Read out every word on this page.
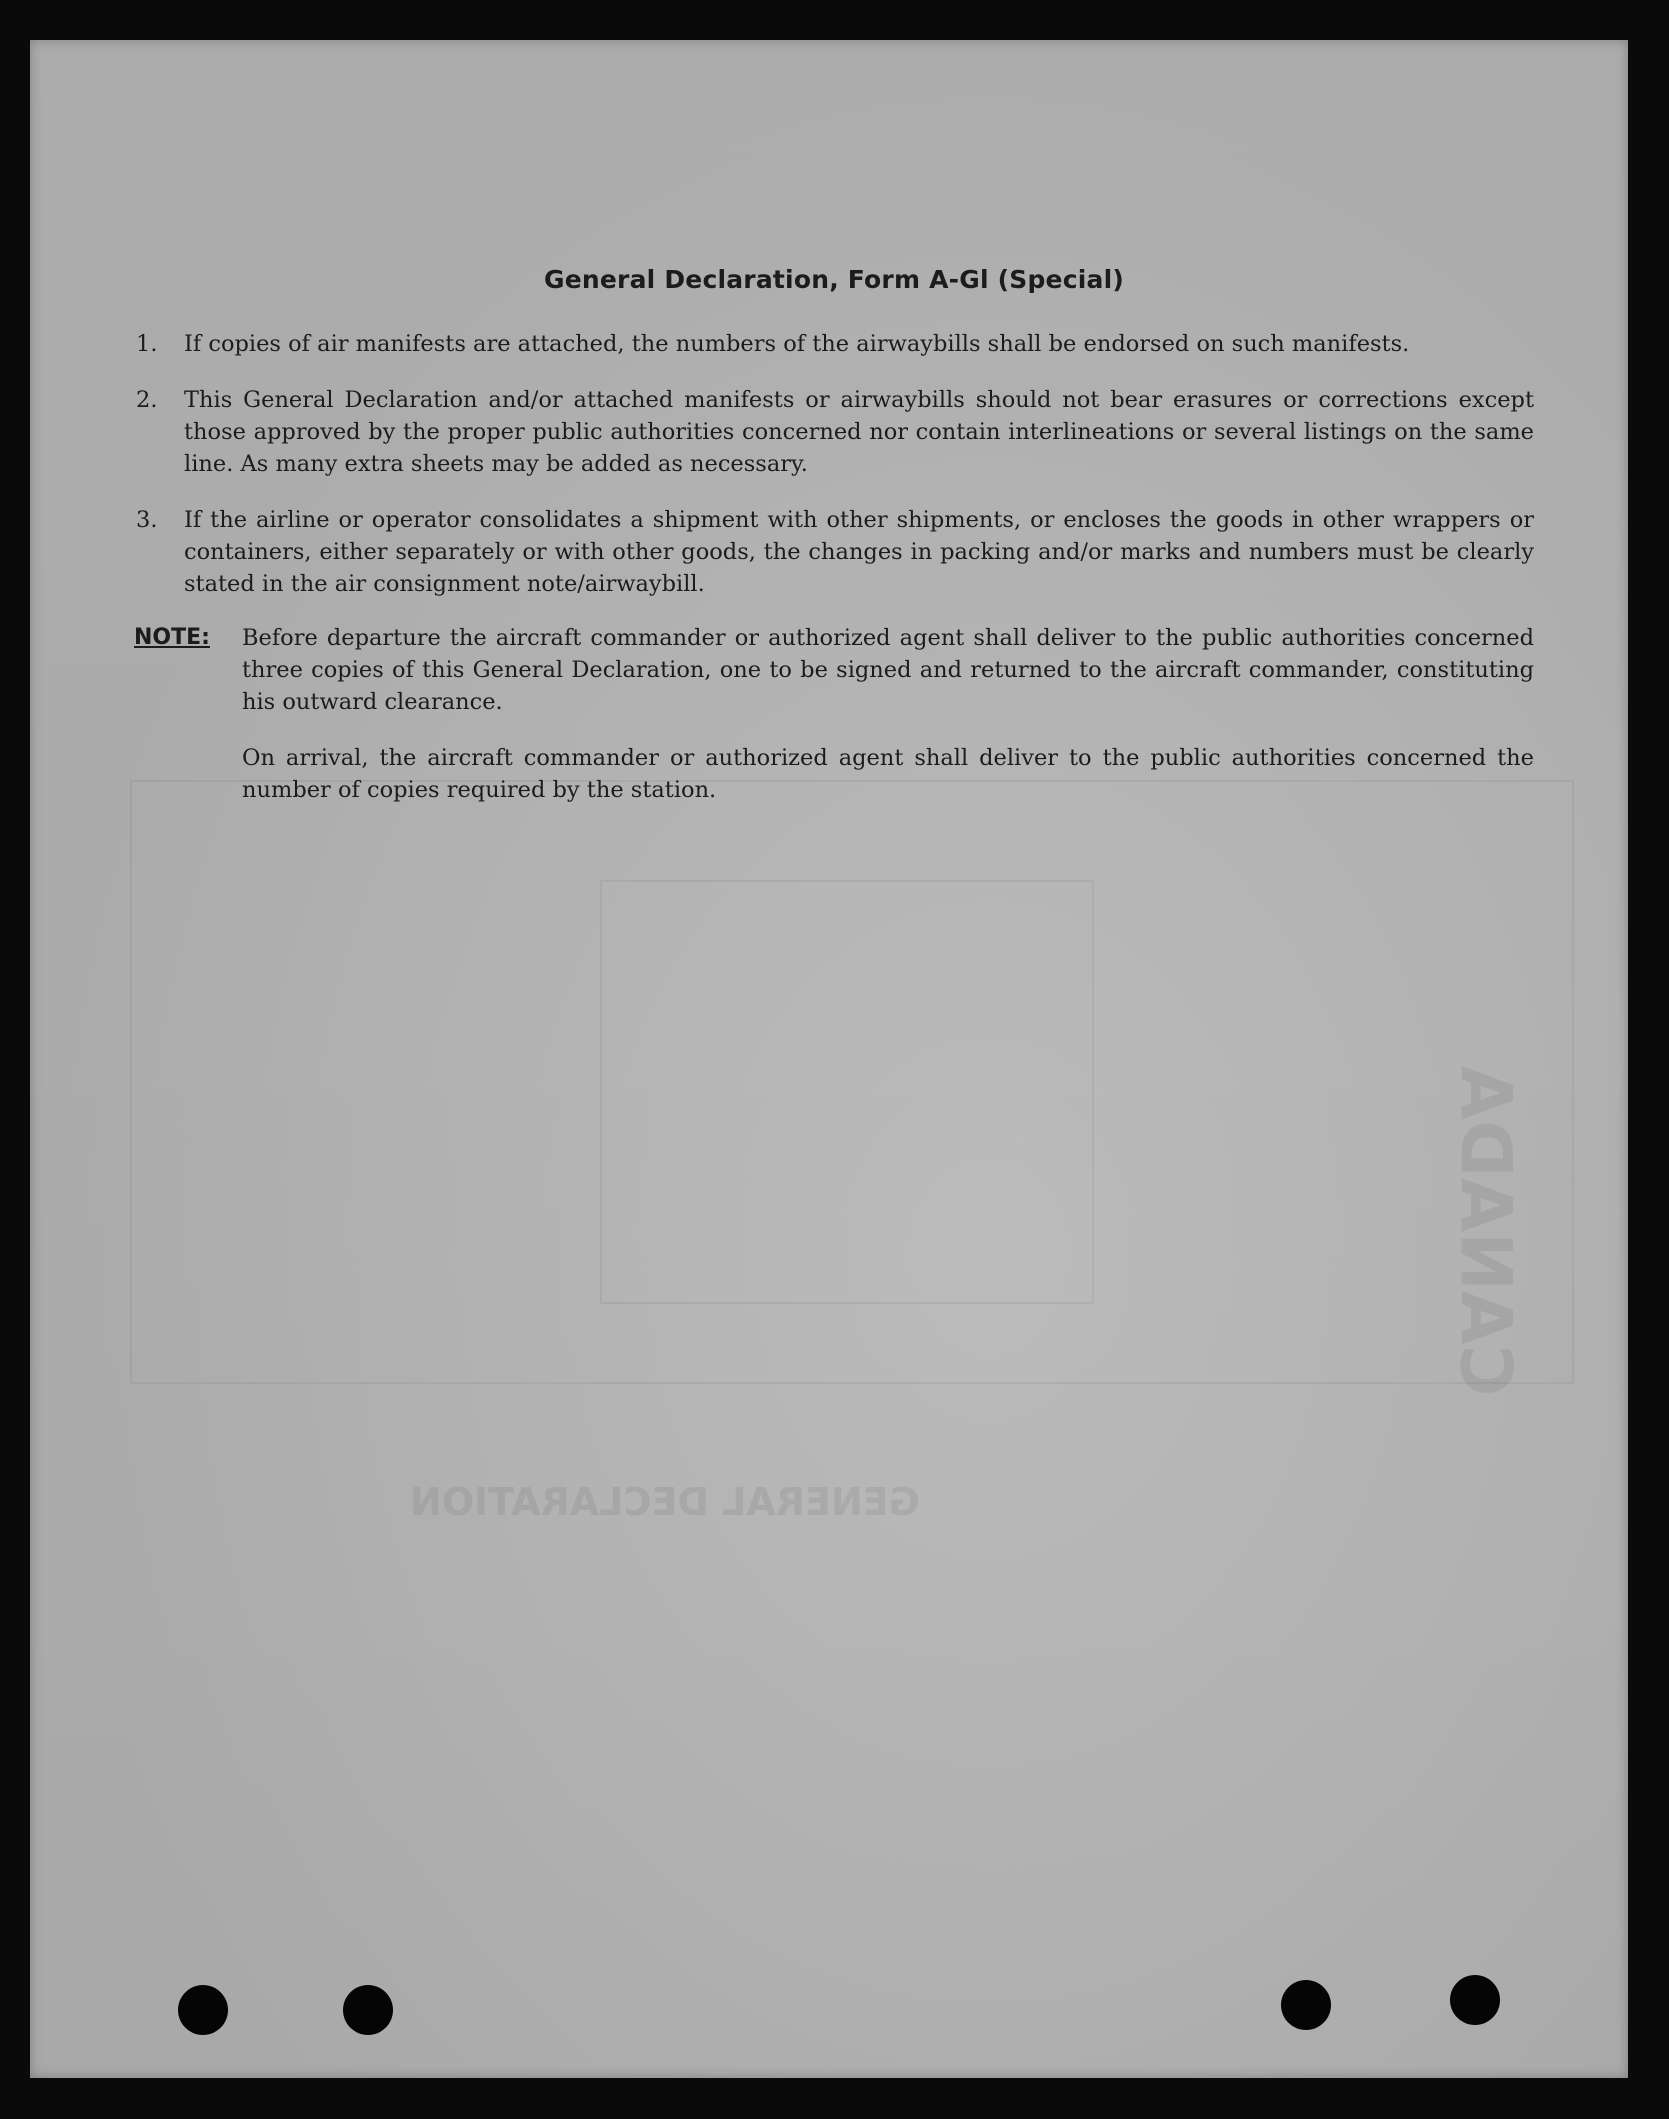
CANADA
GENERAL DECLARATION
General Declaration, Form A-Gl (Special)
1.	If copies of air manifests are attached, the numbers of the airwaybills shall be endorsed on such manifests.
2.	This General Declaration and/or attached manifests or airwaybills should not bear erasures or corrections except those approved by the proper public authorities concerned nor contain interlineations or several listings on the same line. As many extra sheets may be added as necessary.
3.	If the airline or operator consolidates a shipment with other shipments, or encloses the goods in other wrappers or containers, either separately or with other goods, the changes in packing and/or marks and numbers must be clearly stated in the air consignment note/airwaybill.
NOTE:	Before departure the aircraft commander or authorized agent shall deliver to the public authorities concerned three copies of this General Declaration, one to be signed and returned to the aircraft commander, constituting his outward clearance.

On arrival, the aircraft commander or authorized agent shall deliver to the public authorities concerned the number of copies required by the station.
